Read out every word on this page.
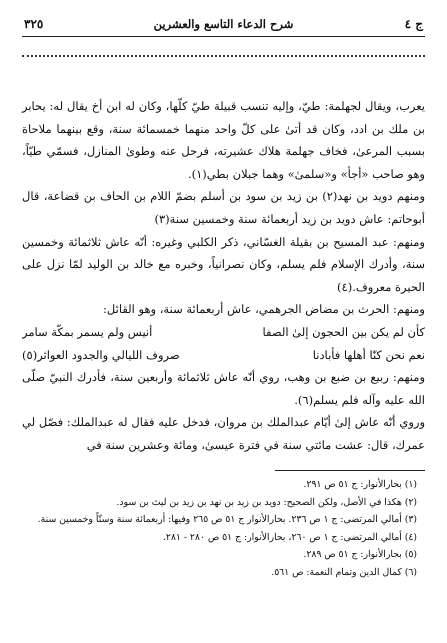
ج ٤
شرح الدعاء التاسع والعشرين
٣٢٥

يعرب، ويقال لجهلمة: طيّ، وإليه تنسب قبيلة طيّ كلّها، وكان له ابن أخ يقال له: يحابر بن ملك بن ادد، وكان قد أتىٰ على كلّ واحد منهما خمسمائة سنة، وقع بينهما ملاحاة بسبب المرعىٰ، فخاف جهلمة هلاك عشيرته، فرحل عنه وطوىٰ المنازل، فسمّي طيّاً، وهو صاحب «أجأ» و«سلمىٰ» وهما جبلان بطي(١).

ومنهم دويد بن نهد(٢) بن زيد بن سود بن أسلم بضمّ اللام بن الحاف بن قضاعة، قال أبوحاتم: عاش دويد بن زيد أربعمائة سنة وخمسين سنة(٣)

ومنهم: عبد المسيح بن بقيلة الغسّاني، ذكر الكلبي وغيره: أنّه عاش ثلاثمائة وخمسين سنة، وأدرك الإسلام فلم يسلم، وكان نصرانياً، وخبره مع خالد بن الوليد لمّا نزل على الحيرة معروف.(٤)

ومنهم: الحرث بن مضاض الجرهمي، عاش أربعمائة سنة، وهو القائل:

كأن لم يكن بين الحجون إلىٰ الصفا
أنيس ولم يسمر بمكّة سامر
نعم نحن كنّا أهلها فأبادنا
صروف الليالي والجدود العواثر(٥)

ومنهم: ربيع بن ضبع بن وهب، روي أنّه عاش ثلاثمائة وأربعين سنة، فأدرك النبيّ صلّى الله عليه وآله فلم يسلم(٦).

وروي أنّه عاش إلىٰ أيّام عبدالملك بن مروان، فدخل عليه فقال له عبدالملك: فصّل لي عمرك، قال: عشت مائتي سنة في فترة عيسىٰ، ومائة وعشرين سنة في

(١) بحارالأنوار: ج ٥١ ص ٢٩١.

(٢) هكذا في الأصل، ولكن الصحيح: دويد بن زيد بن نهد بن زيد بن ليث بن سود.

(٣) أمالي المرتضى: ج ١ ص ٢٣٦. بحارالأنوار ج ٥١ ص ٢٦٥ وفيها: أربعمائة سنة وستّاً وخمسين سنة.

(٤) أمالي المرتضى: ج ١ ص ٢٦٠، بحارالأنوار: ج ٥١ ص ٢٨٠ - ٢٨١.

(٥) بحارالأنوار: ج ٥١ ص ٢٨٩.

(٦) كمال الدين وتمام النعمة: ص ٥٦١.
